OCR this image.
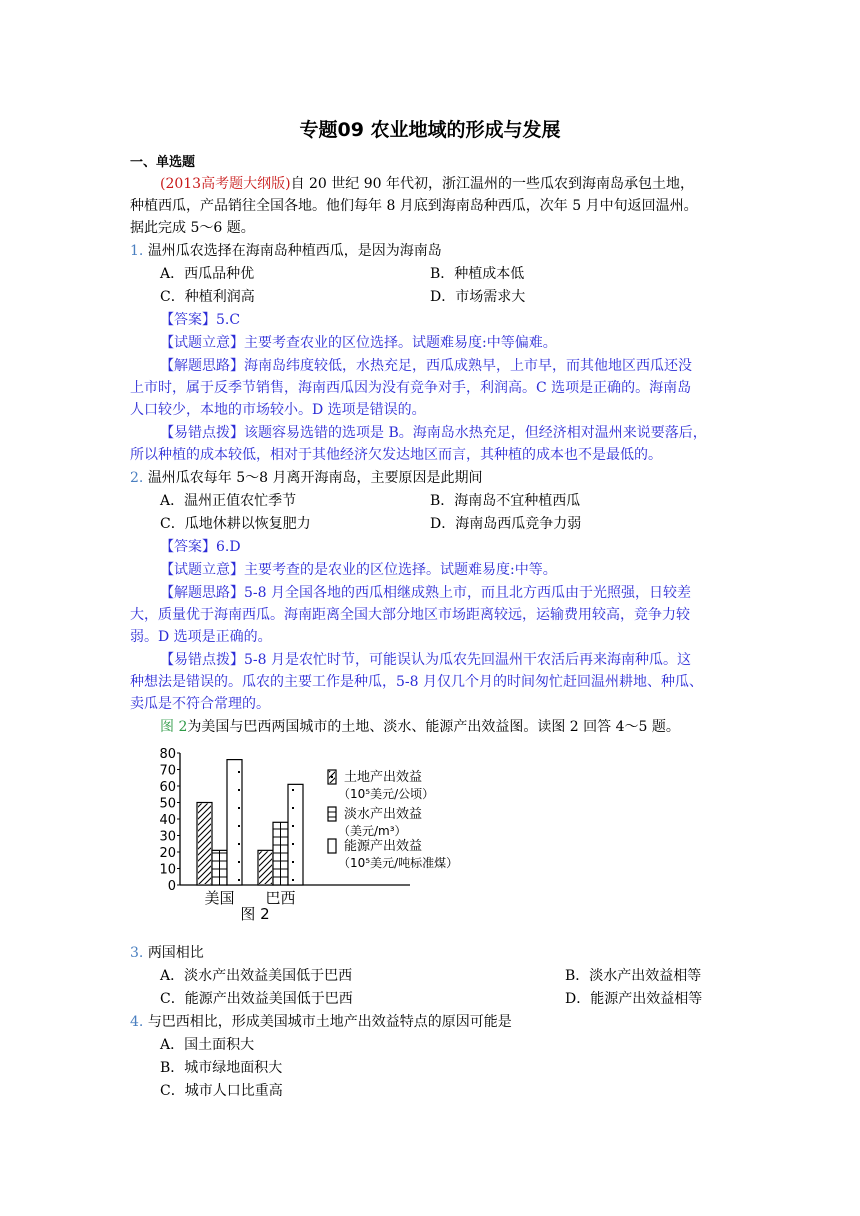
专题09 农业地域的形成与发展
一、单选题
(2013高考题大纲版)自 20 世纪 90 年代初，浙江温州的一些瓜农到海南岛承包土地，
种植西瓜，产品销往全国各地。他们每年 8 月底到海南岛种西瓜，次年 5 月中旬返回温州。
据此完成 5～6 题。
1. 温州瓜农选择在海南岛种植西瓜，是因为海南岛
A．西瓜品种优	B．种植成本低
C．种植利润高	D．市场需求大
【答案】5.C
【试题立意】主要考查农业的区位选择。试题难易度:中等偏难。
【解题思路】海南岛纬度较低，水热充足，西瓜成熟早，上市早，而其他地区西瓜还没
上市时，属于反季节销售，海南西瓜因为没有竞争对手，利润高。C 选项是正确的。海南岛
人口较少，本地的市场较小。D 选项是错误的。
【易错点拨】该题容易选错的选项是 B。海南岛水热充足，但经济相对温州来说要落后，
所以种植的成本较低，相对于其他经济欠发达地区而言，其种植的成本也不是最低的。
2. 温州瓜农每年 5～8 月离开海南岛，主要原因是此期间
A．温州正值农忙季节	B．海南岛不宜种植西瓜
C．瓜地休耕以恢复肥力	D．海南岛西瓜竞争力弱
【答案】6.D
【试题立意】主要考查的是农业的区位选择。试题难易度:中等。
【解题思路】5-8 月全国各地的西瓜相继成熟上市，而且北方西瓜由于光照强，日较差
大，质量优于海南西瓜。海南距离全国大部分地区市场距离较远，运输费用较高，竞争力较
弱。D 选项是正确的。
【易错点拨】5-8 月是农忙时节，可能误认为瓜农先回温州干农活后再来海南种瓜。这
种想法是错误的。瓜农的主要工作是种瓜，5-8 月仅几个月的时间匆忙赶回温州耕地、种瓜、
卖瓜是不符合常理的。
图 2为美国与巴西两国城市的土地、淡水、能源产出效益图。读图 2 回答 4～5 题。
0
10
20
30
40
50
60
70
80
美国 巴西
土地产出效益
（10⁵美元/公顷）
淡水产出效益
（美元/m³）
能源产出效益
（10⁵美元/吨标准煤）
图 2
3. 两国相比
A．淡水产出效益美国低于巴西	B．淡水产出效益相等
C．能源产出效益美国低于巴西	D．能源产出效益相等
4. 与巴西相比，形成美国城市土地产出效益特点的原因可能是
A．国土面积大
B．城市绿地面积大
C．城市人口比重高
